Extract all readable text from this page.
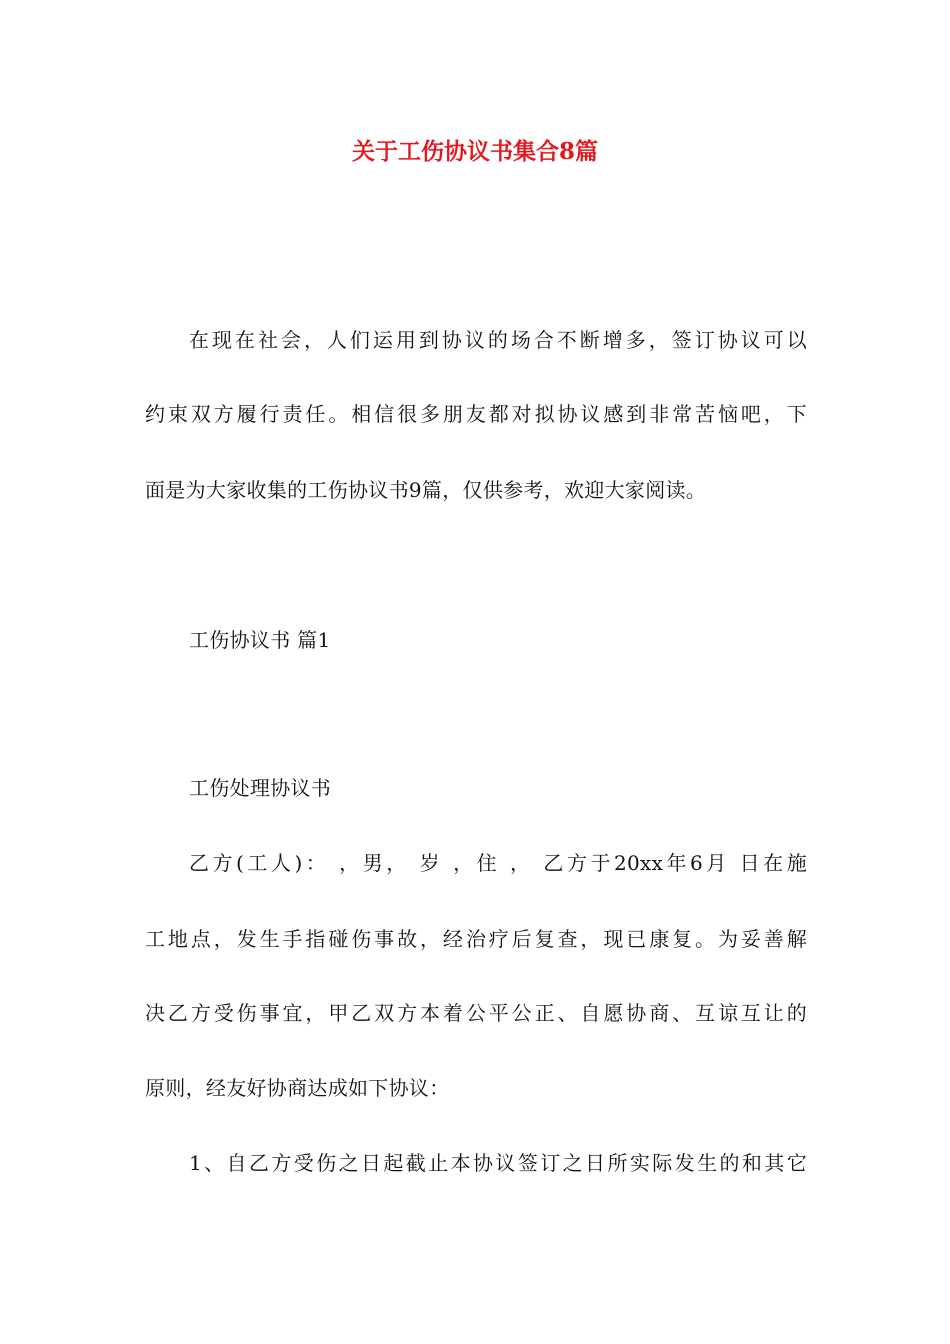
关于工伤协议书集合8篇
在现在社会，人们运用到协议的场合不断增多，签订协议可以
约束双方履行责任。相信很多朋友都对拟协议感到非常苦恼吧，下
面是为大家收集的工伤协议书9篇，仅供参考，欢迎大家阅读。
工伤协议书 篇1
工伤处理协议书
乙方(工人)： ，男， 岁 ，住 ， 乙方于20xx年6月 日在施
工地点，发生手指碰伤事故，经治疗后复查，现已康复。为妥善解
决乙方受伤事宜，甲乙双方本着公平公正、自愿协商、互谅互让的
原则，经友好协商达成如下协议：
1、自乙方受伤之日起截止本协议签订之日所实际发生的和其它
